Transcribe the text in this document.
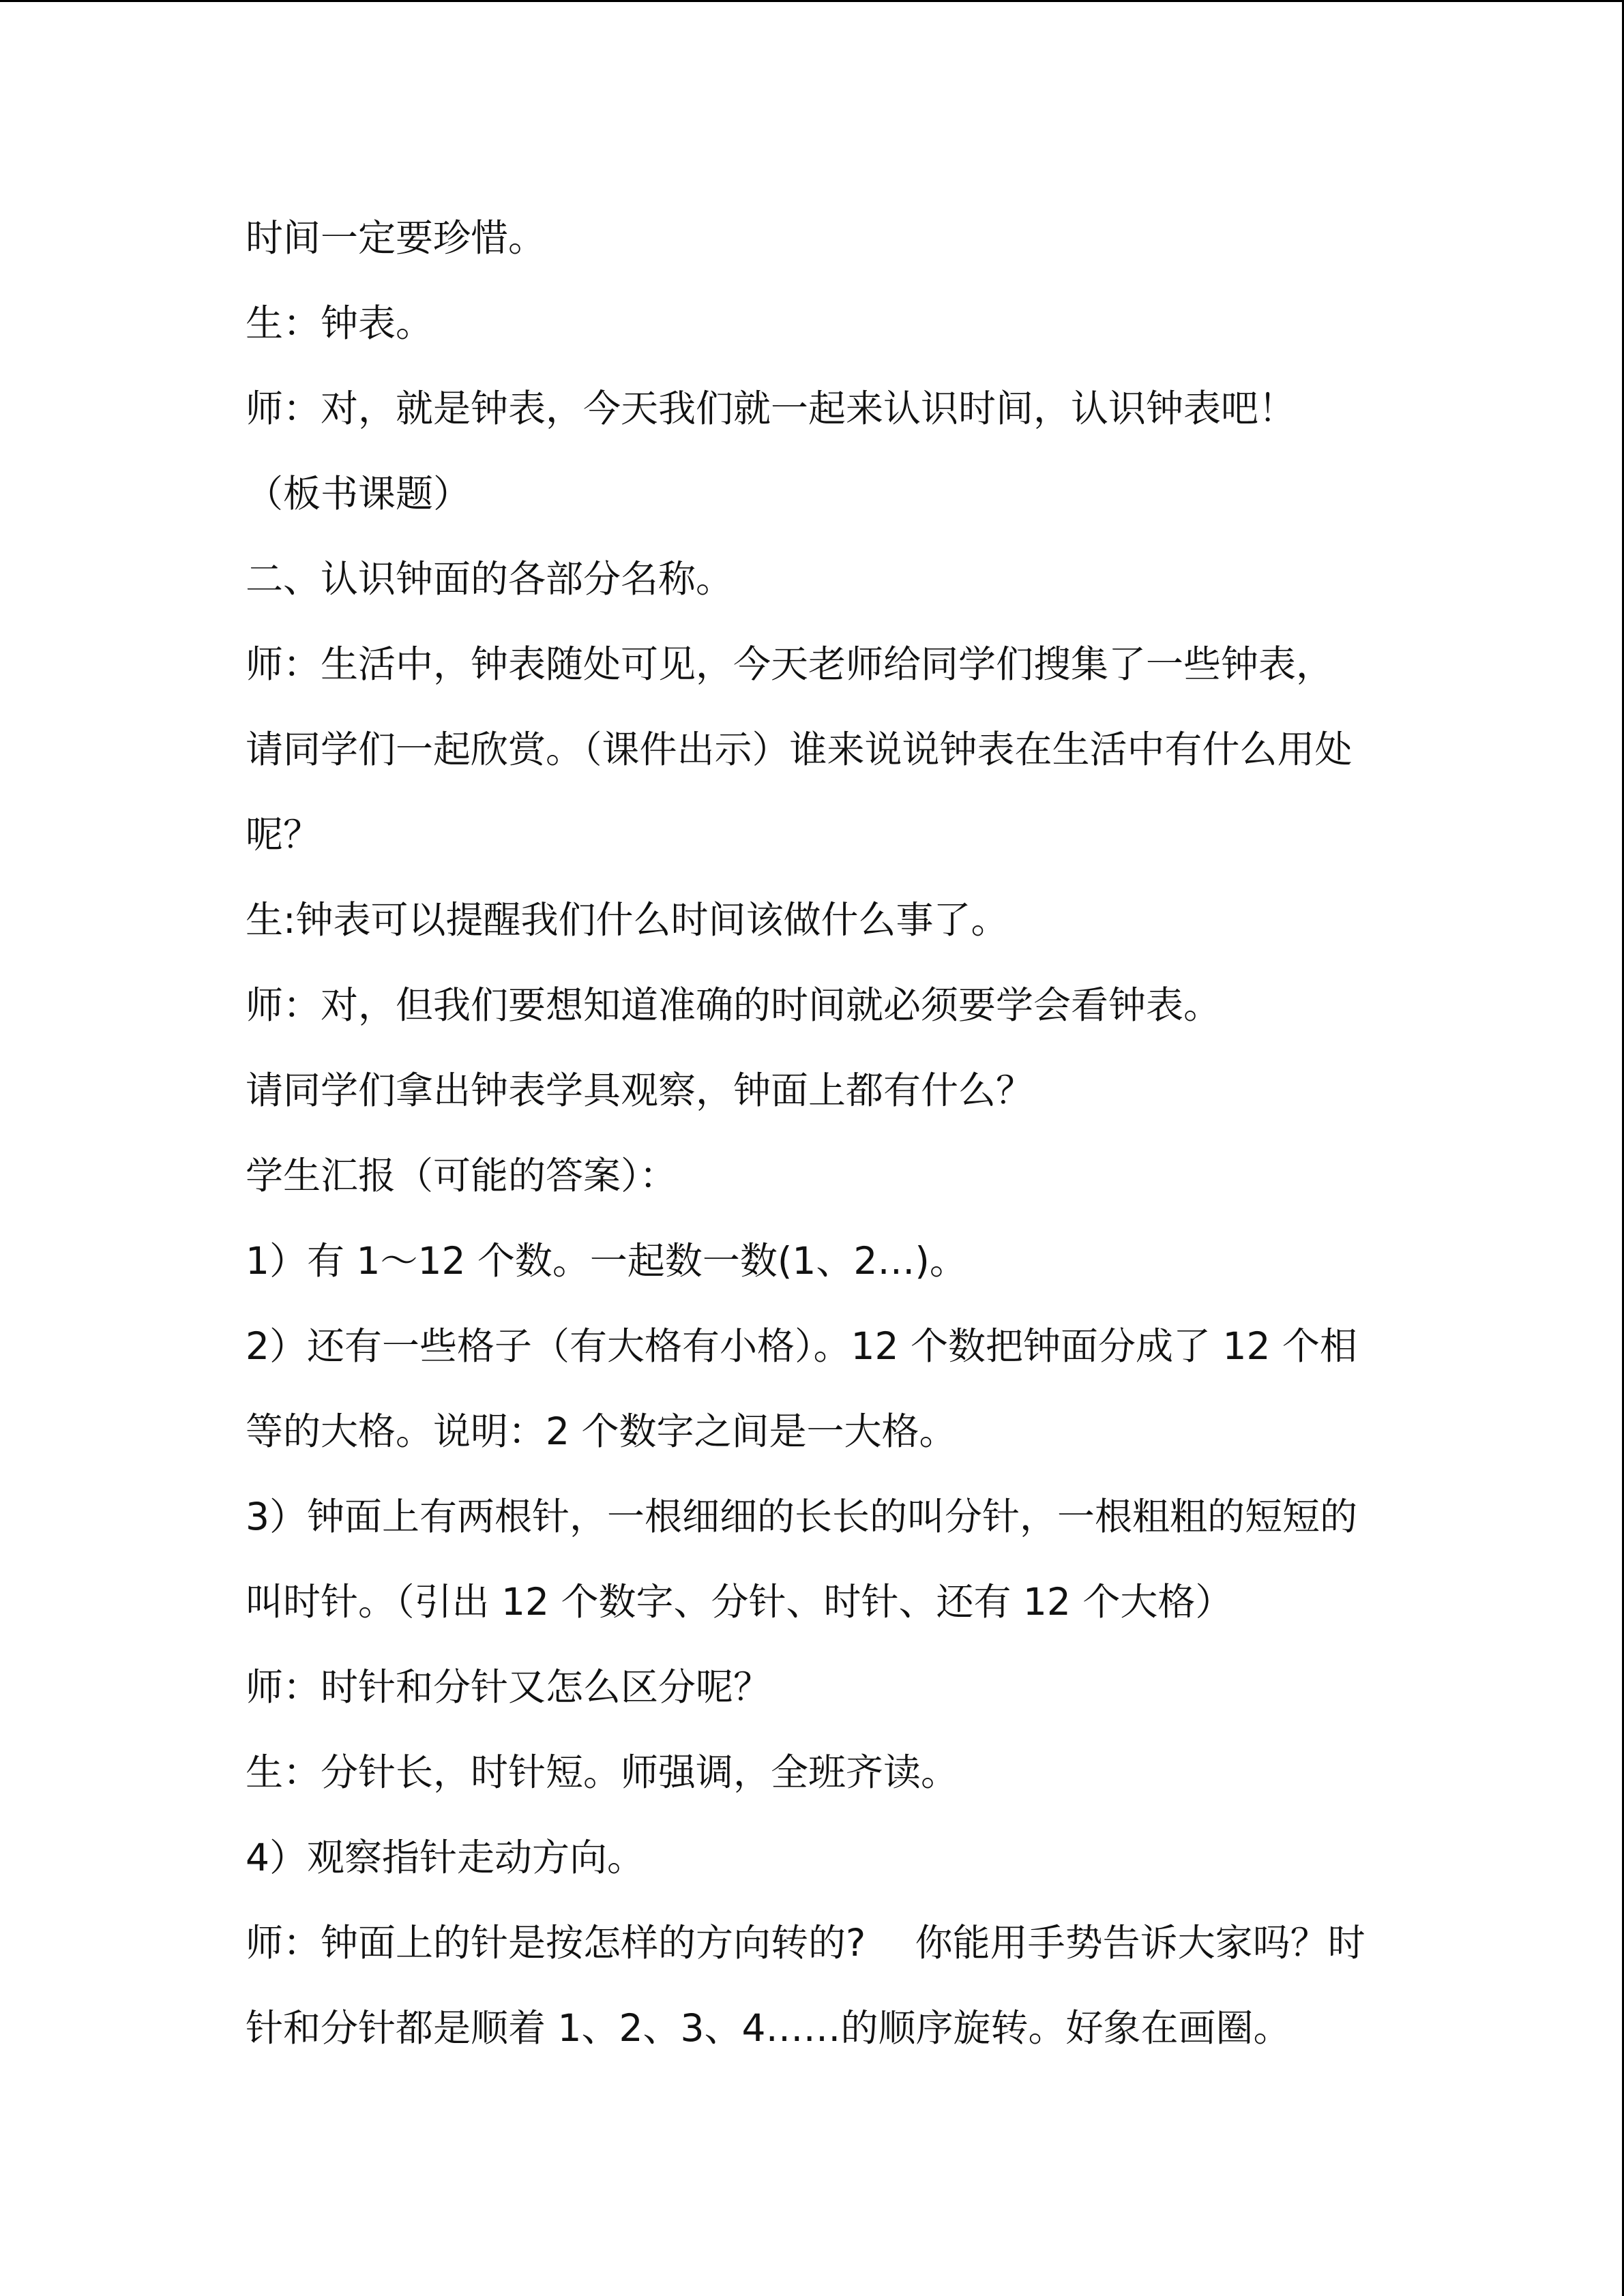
时间一定要珍惜。
生：钟表。
师：对，就是钟表，今天我们就一起来认识时间，认识钟表吧！
（板书课题）
二、认识钟面的各部分名称。
师：生活中，钟表随处可见，今天老师给同学们搜集了一些钟表，
请同学们一起欣赏。（课件出示）谁来说说钟表在生活中有什么用处
呢？
生:钟表可以提醒我们什么时间该做什么事了。
师：对，但我们要想知道准确的时间就必须要学会看钟表。
请同学们拿出钟表学具观察，钟面上都有什么？
学生汇报（可能的答案）：
1）有 1～12 个数。一起数一数(1、2…)。
2）还有一些格子（有大格有小格）。12 个数把钟面分成了 12 个相
等的大格。说明：2 个数字之间是一大格。
3）钟面上有两根针，一根细细的长长的叫分针，一根粗粗的短短的
叫时针。（引出 12 个数字、分针、时针、还有 12 个大格）
师：时针和分针又怎么区分呢？
生：分针长，时针短。师强调，全班齐读。
4）观察指针走动方向。
师：钟面上的针是按怎样的方向转的?　 你能用手势告诉大家吗？时
针和分针都是顺着 1、2、3、4……的顺序旋转。好象在画圈。
